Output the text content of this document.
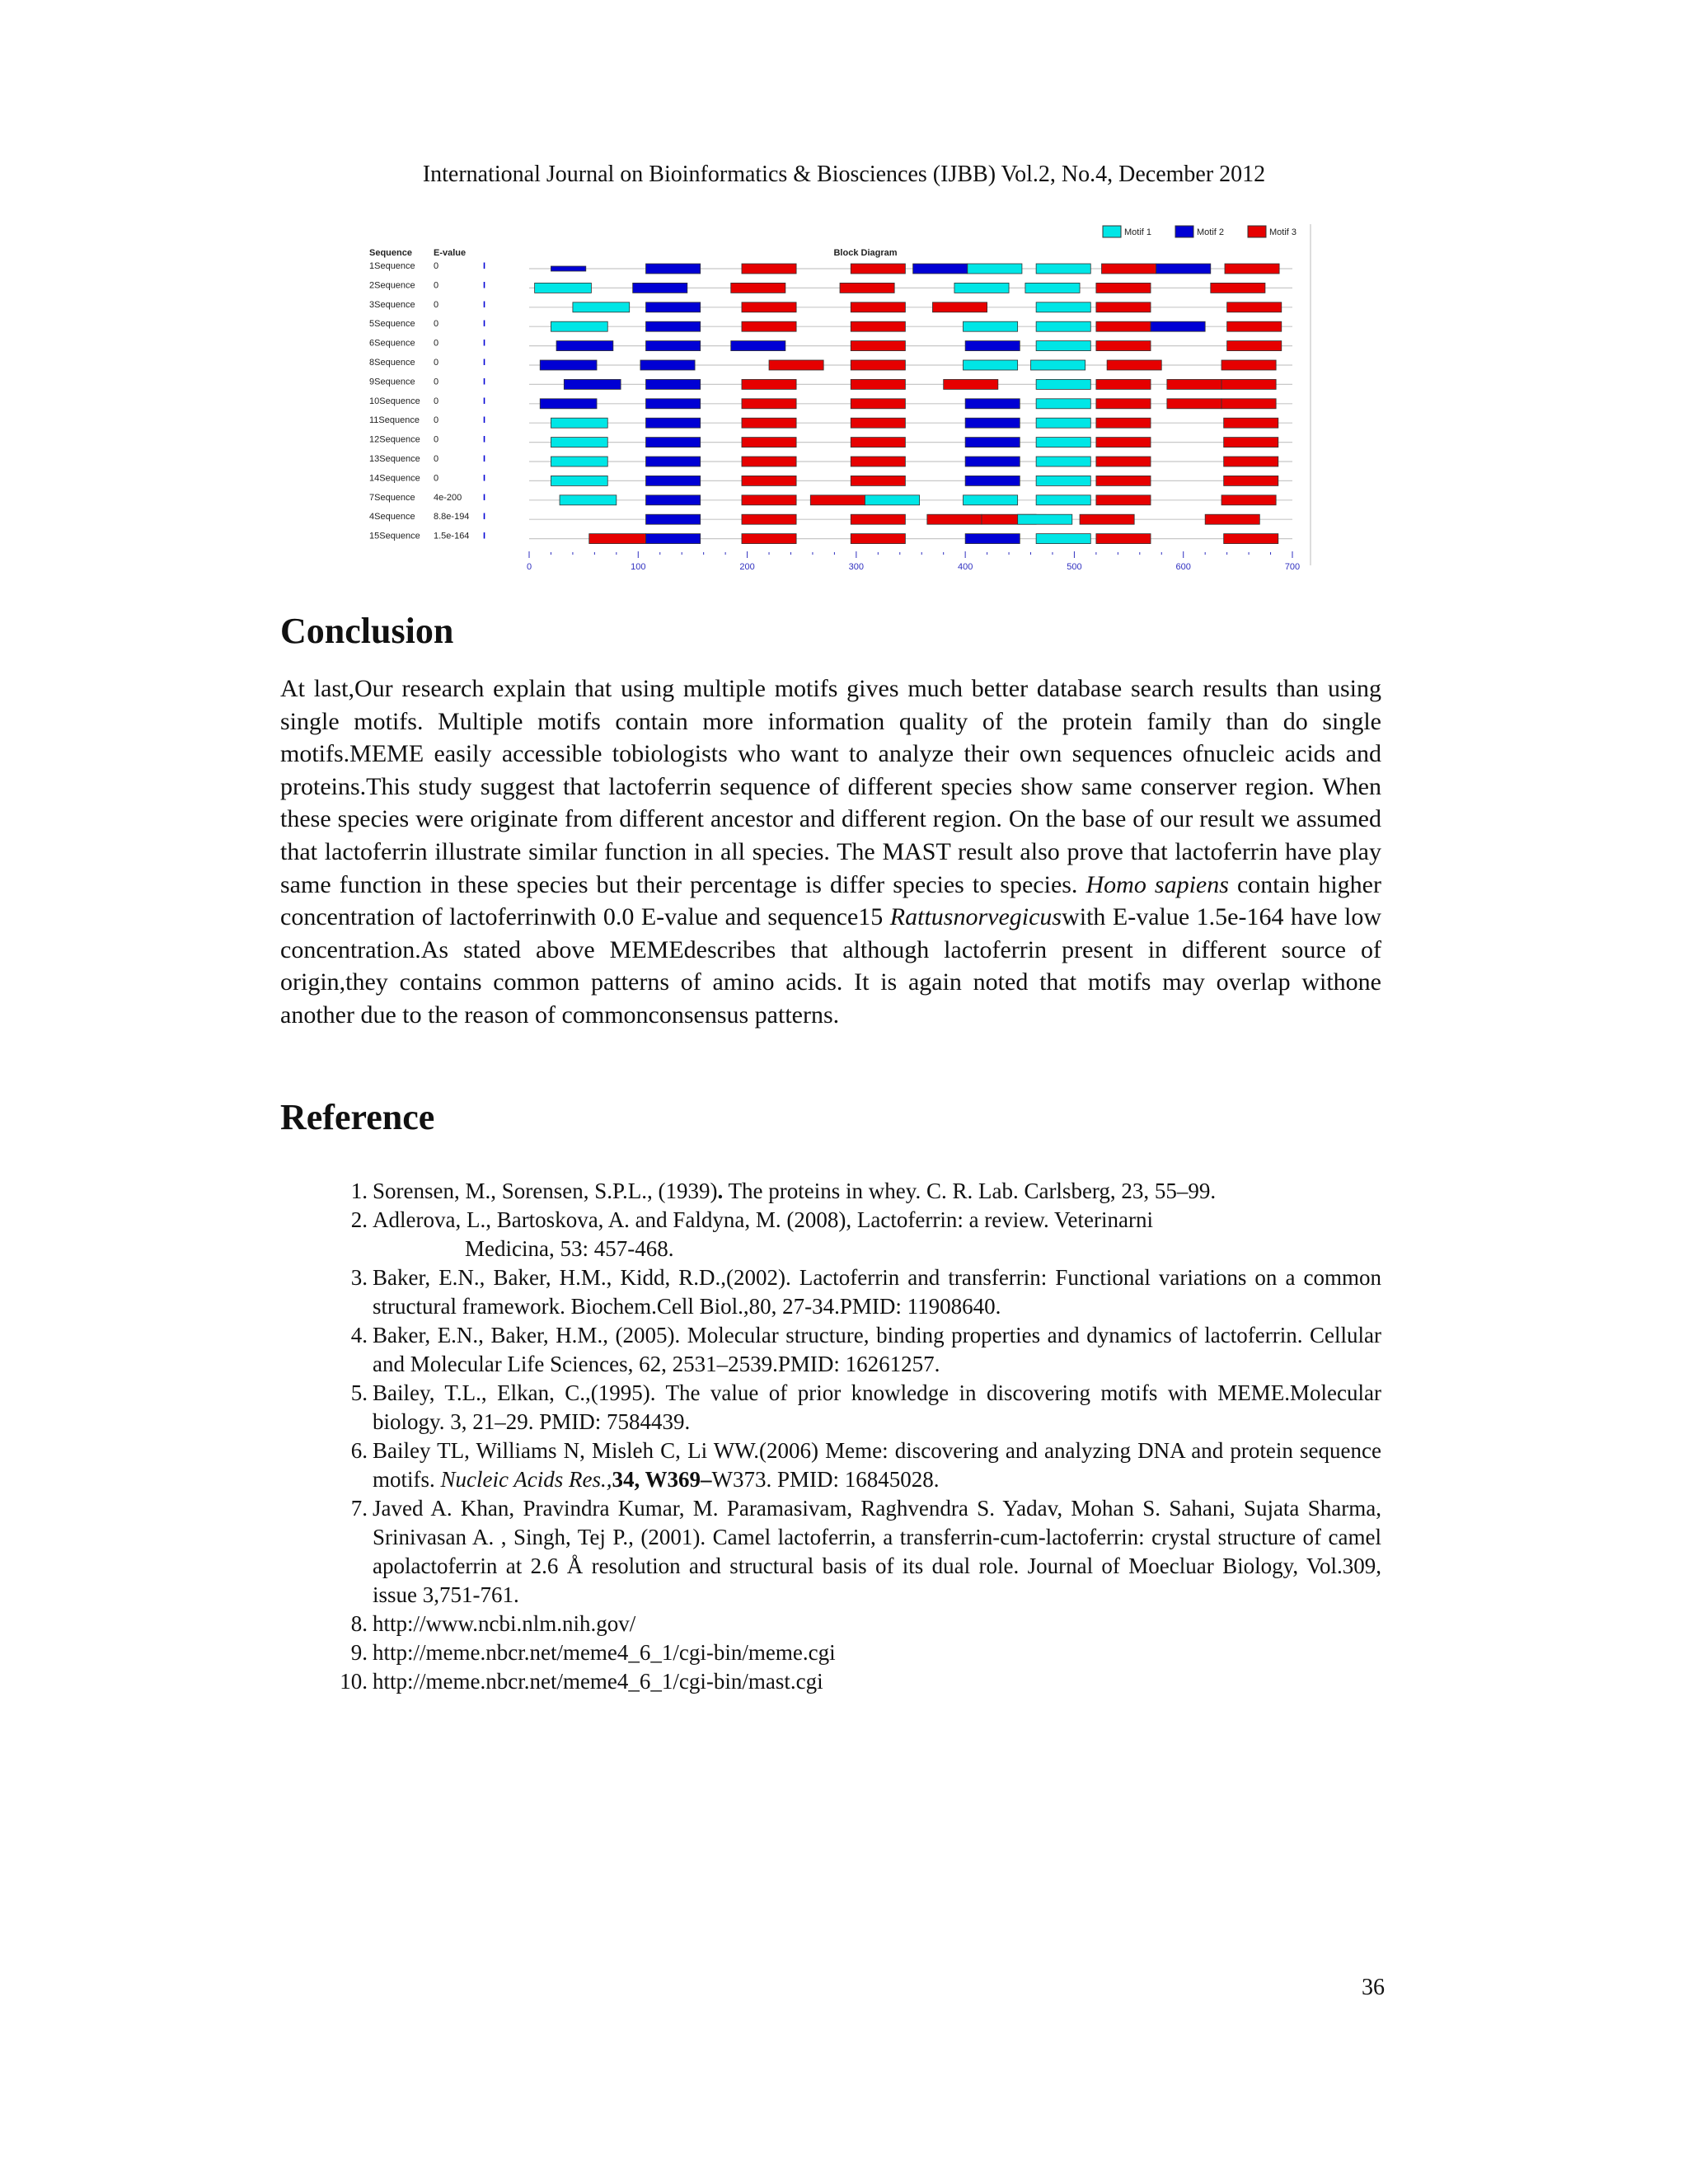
International Journal on Bioinformatics & Biosciences (IJBB) Vol.2, No.4, December 2012
Motif 1	Motif 2	Motif 3
Sequence E-value	Block Diagram
1Sequence 0	I
2Sequence 0	I
3Sequence 0	I
5Sequence 0	I
6Sequence 0	I
8Sequence 0	I
9Sequence 0	I
10Sequence 0	I
11Sequence 0	I
12Sequence 0	I
13Sequence 0	I
14Sequence 0	I
7Sequence 4e-200 I
4Sequence 8.8e-194 I
15Sequence 1.5e-164 I
0	100	200	300	400	500	600	700
Conclusion

At last,Our research explain that using multiple motifs gives much better database search results than using single motifs. Multiple motifs contain more information quality of the protein family than do single motifs.MEME easily accessible tobiologists who want to analyze their own sequences ofnucleic acids and proteins.This study suggest that lactoferrin sequence of different species show same conserver region. When these species were originate from different ancestor and different region. On the base of our result we assumed that lactoferrin illustrate similar function in all species. The MAST result also prove that lactoferrin have play same function in these species but their percentage is differ species to species. Homo sapiens contain higher concentration of lactoferrinwith 0.0 E-value and sequence15 Rattusnorvegicuswith E-value 1.5e-164 have low concentration.As stated above MEMEdescribes that although lactoferrin present in different source of origin,they contains common patterns of amino acids. It is again noted that motifs may overlap withone another due to the reason of commonconsensus patterns.

Reference
1. Sorensen, M., Sorensen, S.P.L., (1939). The proteins in whey. C. R. Lab. Carlsberg, 23, 55–99.
2. Adlerova, L., Bartoskova, A. and Faldyna, M. (2008), Lactoferrin: a review. Veterinarni
Medicina, 53: 457-468.
3. Baker, E.N., Baker, H.M., Kidd, R.D.,(2002). Lactoferrin and transferrin: Functional variations on a common structural framework. Biochem.Cell Biol.,80, 27-34.PMID: 11908640.
4. Baker, E.N., Baker, H.M., (2005). Molecular structure, binding properties and dynamics of lactoferrin. Cellular and Molecular Life Sciences, 62, 2531–2539.PMID: 16261257.
5. Bailey, T.L., Elkan, C.,(1995). The value of prior knowledge in discovering motifs with MEME.Molecular biology. 3, 21–29. PMID: 7584439.
6. Bailey TL, Williams N, Misleh C, Li WW.(2006) Meme: discovering and analyzing DNA and protein sequence motifs. Nucleic Acids Res.,34, W369–W373. PMID: 16845028.
7. Javed A. Khan, Pravindra Kumar, M. Paramasivam, Raghvendra S. Yadav, Mohan S. Sahani, Sujata Sharma, Srinivasan A. , Singh, Tej P., (2001). Camel lactoferrin, a transferrin-cum-lactoferrin: crystal structure of camel apolactoferrin at 2.6 Å resolution and structural basis of its dual role. Journal of Moecluar Biology, Vol.309, issue 3,751-761.
8. http://www.ncbi.nlm.nih.gov/
9. http://meme.nbcr.net/meme4_6_1/cgi-bin/meme.cgi
10. http://meme.nbcr.net/meme4_6_1/cgi-bin/mast.cgi
36
